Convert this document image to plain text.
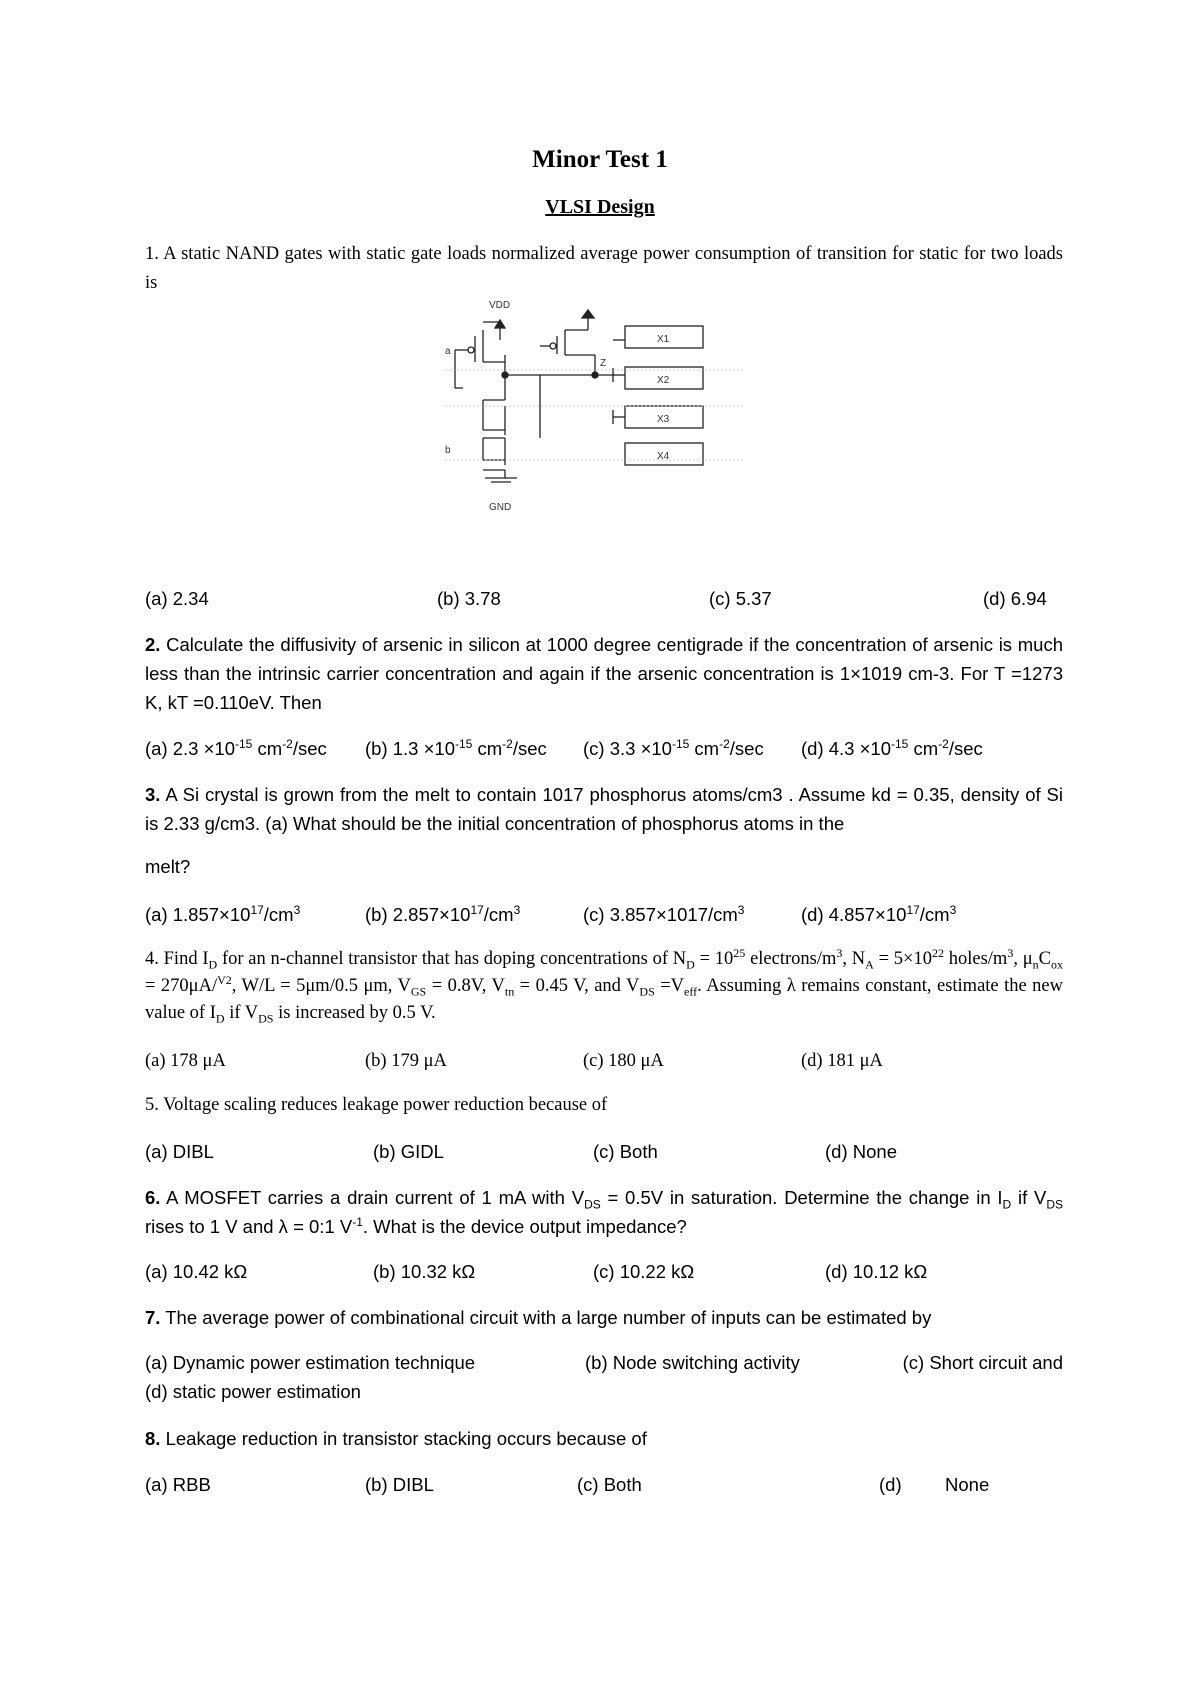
Minor Test 1
VLSI Design

1. A static NAND gates with static gate loads normalized average power consumption of transition for static for two loads is

VDD
a
b
Z
GND
X1
X2
X3
X4
(a) 2.34	(b) 3.78	(c) 5.37	(d) 6.94

2. Calculate the diffusivity of arsenic in silicon at 1000 degree centigrade if the concentration of arsenic is much less than the intrinsic carrier concentration and again if the arsenic concentration is 1×1019 cm-3. For T =1273 K, kT =0.110eV. Then

(a) $2.3 \times 10^{-15}$ $cm^{-2}/\sec$	(b) $1.3 \times 10^{-15}$ $cm^{-2}/\sec$	(c) $3.3 \times 10^{-15}$ $cm^{-2}/\sec$	(d) $4.3 \times 10^{-15}$ $cm^{-2}/\sec$

3. A Si crystal is grown from the melt to contain 1017 phosphorus atoms/cm3 . Assume kd = 0.35, density of Si is 2.33 g/cm3. (a) What should be the initial concentration of phosphorus atoms in the

melt?

(a) $1.857\times 10^{17}/cm^3$	(b) $2.857\times 10^{17}/cm^3$	(c) $3.857\times 1017/cm^3$	(d) $4.857\times 10^{17}/cm^3$

4. Find $I_D$ for an n-channel transistor that has doping concentrations of $N_D = 10^{25}$ electrons/$m^3$, $N_A = 5\times 10^{22}$ holes/$m^3$, $\mu_nC_{ox} = 270\mu A/^{V2}$, W/L = 5μm/0.5 μm, $V_{GS} = 0.8V$, $V_{tn} = 0.45$ V, and $V_{DS} =V_{eff}$. Assuming λ remains constant, estimate the new value of $I_D$ if $V_{DS}$ is increased by 0.5 V.

(a) 178 μA	(b) 179 μA	(c) 180 μA	(d) 181 μA

5. Voltage scaling reduces leakage power reduction because of

(a) DIBL	(b) GIDL	(c) Both	(d) None

6. A MOSFET carries a drain current of 1 mA with $V_{DS} = 0.5V$ in saturation. Determine the change in $I_D$ if $V_{DS}$ rises to 1 V and λ = 0:1 $V^{-1}$. What is the device output impedance?

(a) 10.42 kΩ	(b) 10.32 kΩ	(c) 10.22 kΩ	(d) 10.12 kΩ

7. The average power of combinational circuit with a large number of inputs can be estimated by

(a) Dynamic power estimation technique	(b) Node switching activity	(c) Short circuit and
(d) static power estimation

8. Leakage reduction in transistor stacking occurs because of

(a) RBB	(b) DIBL	(c) Both	(d)	None
